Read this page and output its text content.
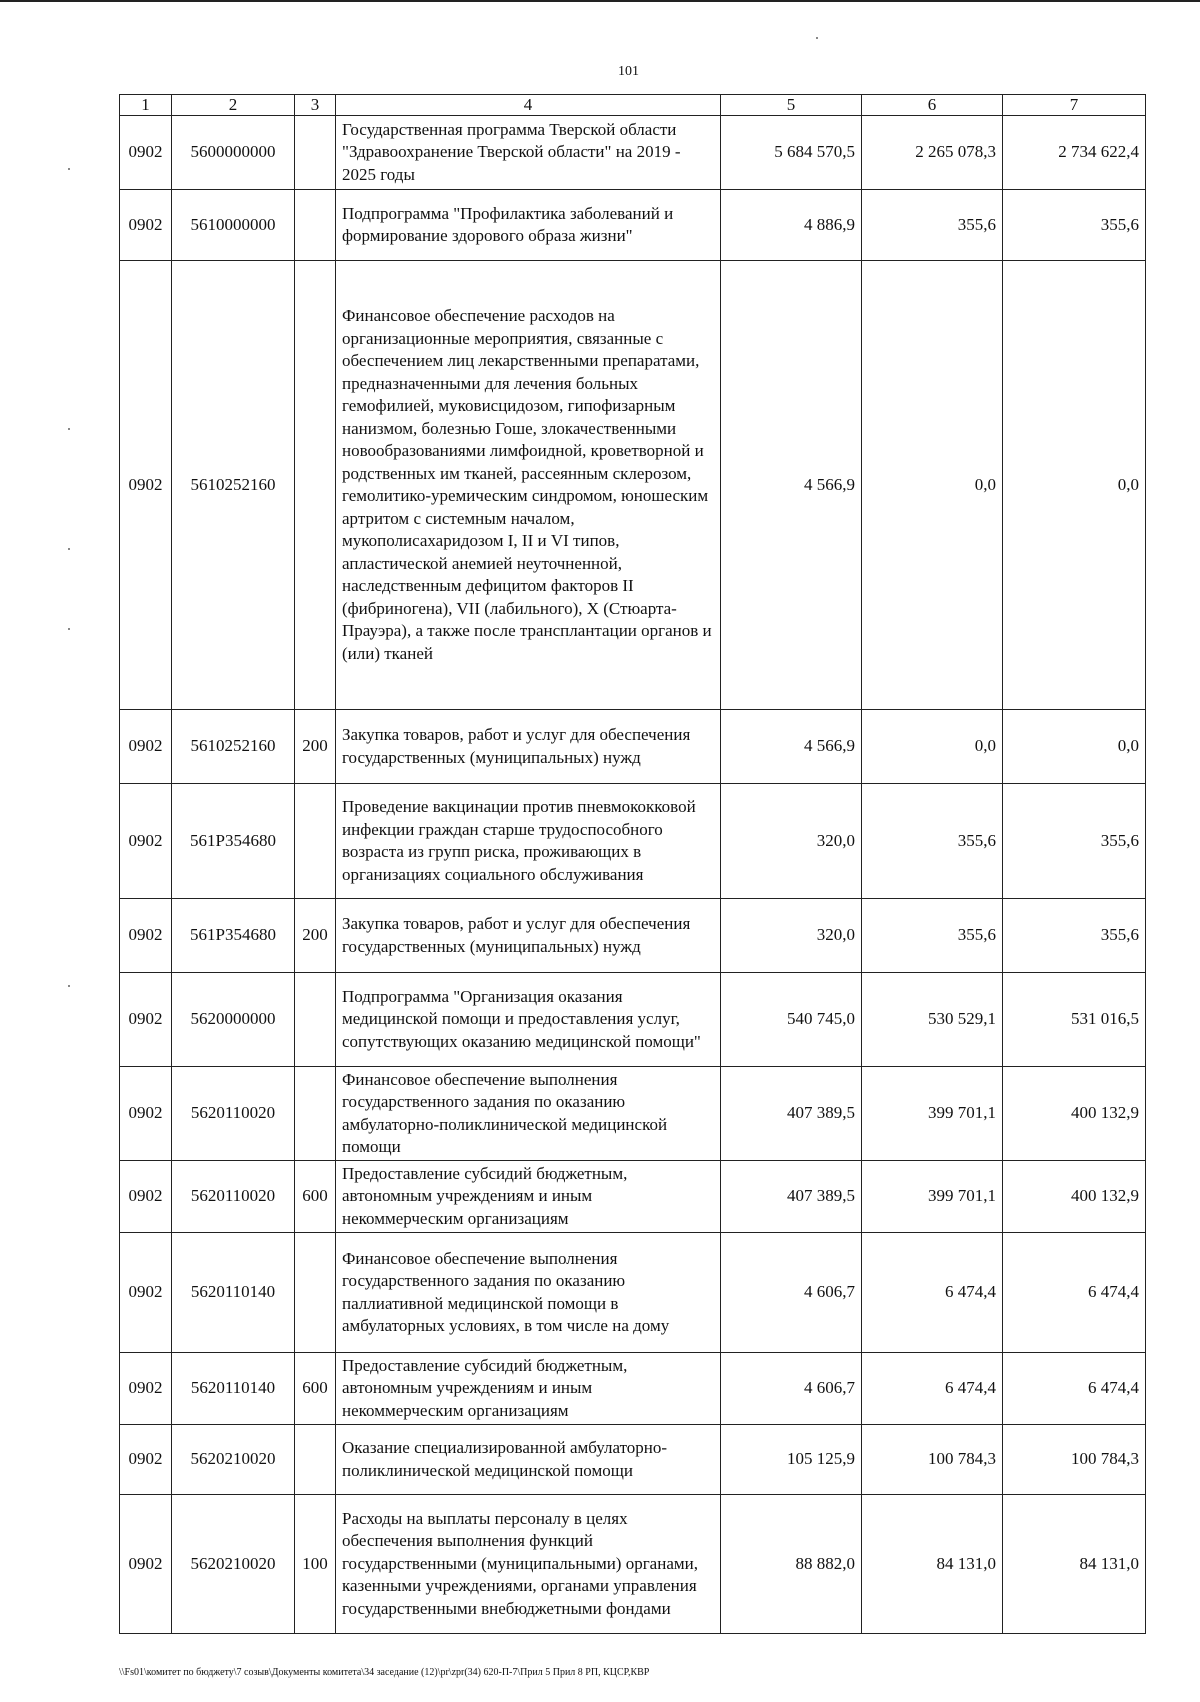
101
1	2	3	4	5	6	7
0902	5600000000		Государственная программа Тверской области "Здравоохранение Тверской области" на 2019 - 2025 годы	5 684 570,5	2 265 078,3	2 734 622,4
0902	5610000000		Подпрограмма "Профилактика заболеваний и формирование здорового образа жизни"	4 886,9	355,6	355,6
0902	5610252160		Финансовое обеспечение расходов на организационные мероприятия, связанные с обеспечением лиц лекарственными препаратами, предназначенными для лечения больных гемофилией, муковисцидозом, гипофизарным нанизмом, болезнью Гоше, злокачественными новообразованиями лимфоидной, кроветворной и родственных им тканей, рассеянным склерозом, гемолитико-уремическим синдромом, юношеским артритом с системным началом, мукополисахаридозом I, II и VI типов, апластической анемией неуточненной, наследственным дефицитом факторов II (фибриногена), VII (лабильного), X (Стюарта-Прауэра), а также после трансплантации органов и (или) тканей	4 566,9	0,0	0,0
0902	5610252160	200	Закупка товаров, работ и услуг для обеспечения государственных (муниципальных) нужд	4 566,9	0,0	0,0
0902	561P354680		Проведение вакцинации против пневмококковой инфекции граждан старше трудоспособного возраста из групп риска, проживающих в организациях социального обслуживания	320,0	355,6	355,6
0902	561P354680	200	Закупка товаров, работ и услуг для обеспечения государственных (муниципальных) нужд	320,0	355,6	355,6
0902	5620000000		Подпрограмма "Организация оказания медицинской помощи и предоставления услуг, сопутствующих оказанию медицинской помощи"	540 745,0	530 529,1	531 016,5
0902	5620110020		Финансовое обеспечение выполнения государственного задания по оказанию амбулаторно-поликлинической медицинской помощи	407 389,5	399 701,1	400 132,9
0902	5620110020	600	Предоставление субсидий бюджетным, автономным учреждениям и иным некоммерческим организациям	407 389,5	399 701,1	400 132,9
0902	5620110140		Финансовое обеспечение выполнения государственного задания по оказанию паллиативной медицинской помощи в амбулаторных условиях, в том числе на дому	4 606,7	6 474,4	6 474,4
0902	5620110140	600	Предоставление субсидий бюджетным, автономным учреждениям и иным некоммерческим организациям	4 606,7	6 474,4	6 474,4
0902	5620210020		Оказание специализированной амбулаторно-поликлинической медицинской помощи	105 125,9	100 784,3	100 784,3
0902	5620210020	100	Расходы на выплаты персоналу в целях обеспечения выполнения функций государственными (муниципальными) органами, казенными учреждениями, органами управления государственными внебюджетными фондами	88 882,0	84 131,0	84 131,0
\\Fs01\комитет по бюджету\7 созыв\Документы комитета\34 заседание (12)\pr\zpr(34) 620-П-7\Прил 5 Прил 8 РП, КЦСР,КВР
